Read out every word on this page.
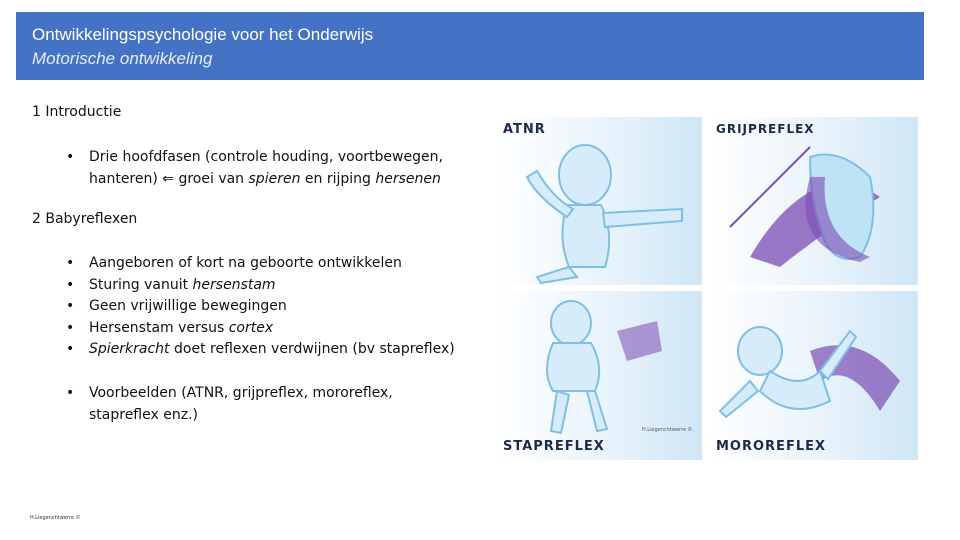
Ontwikkelingspsychologie voor het Onderwijs
Motorische ontwikkeling
1 Introductie
• Drie hoofdfasen (controle houding, voortbewegen,
hanteren) ⇐ groei van spieren en rijping hersenen
2 Babyreflexen
• Aangeboren of kort na geboorte ontwikkelen
• Sturing vanuit hersenstam
• Geen vrijwillige bewegingen
• Hersenstam versus cortex
• Spierkracht doet reflexen verdwijnen (bv stapreflex)
• Voorbeelden (ATNR, grijpreflex, mororeflex,
stapreflex enz.)
ATNR	GRIJPREFLEX
H.Liegenchtwerre ©
STAPREFLEX	MOROREFLEX
H.Liegenchtwerre ©
